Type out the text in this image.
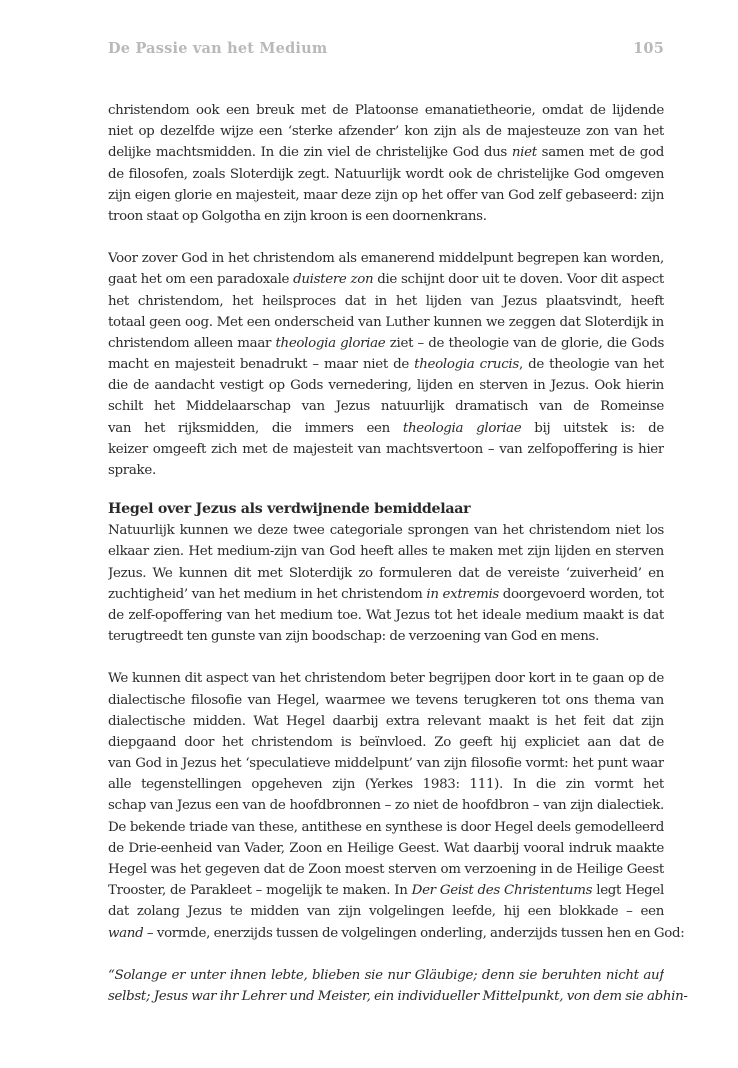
De Passie van het Medium	105
christendom ook een breuk met de Platoonse emanatietheorie, omdat de lijdende
niet op dezelfde wijze een ‘sterke afzender’ kon zijn als de majesteuze zon van het
delijke machtsmidden. In die zin viel de christelijke God dus niet samen met de god
de filosofen, zoals Sloterdijk zegt. Natuurlijk wordt ook de christelijke God omgeven
zijn eigen glorie en majesteit, maar deze zijn op het offer van God zelf gebaseerd: zijn
troon staat op Golgotha en zijn kroon is een doornenkrans.
Voor zover God in het christendom als emanerend middelpunt begrepen kan worden,
gaat het om een paradoxale duistere zon die schijnt door uit te doven. Voor dit aspect
het christendom, het heilsproces dat in het lijden van Jezus plaatsvindt, heeft
totaal geen oog. Met een onderscheid van Luther kunnen we zeggen dat Sloterdijk in
christendom alleen maar theologia gloriae ziet – de theologie van de glorie, die Gods
macht en majesteit benadrukt – maar niet de theologia crucis, de theologie van het
die de aandacht vestigt op Gods vernedering, lijden en sterven in Jezus. Ook hierin
schilt het Middelaarschap van Jezus natuurlijk dramatisch van de Romeinse
van het rijksmidden, die immers een theologia gloriae bij uitstek is: de
keizer omgeeft zich met de majesteit van machtsvertoon – van zelfopoffering is hier
sprake.
Hegel over Jezus als verdwijnende bemiddelaar
Natuurlijk kunnen we deze twee categoriale sprongen van het christendom niet los
elkaar zien. Het medium-zijn van God heeft alles te maken met zijn lijden en sterven
Jezus. We kunnen dit met Sloterdijk zo formuleren dat de vereiste ‘zuiverheid’ en
zuchtigheid’ van het medium in het christendom in extremis doorgevoerd worden, tot
de zelf-opoffering van het medium toe. Wat Jezus tot het ideale medium maakt is dat
terugtreedt ten gunste van zijn boodschap: de verzoening van God en mens.
We kunnen dit aspect van het christendom beter begrijpen door kort in te gaan op de
dialectische filosofie van Hegel, waarmee we tevens terugkeren tot ons thema van
dialectische midden. Wat Hegel daarbij extra relevant maakt is het feit dat zijn
diepgaand door het christendom is beïnvloed. Zo geeft hij expliciet aan dat de
van God in Jezus het ‘speculatieve middelpunt’ van zijn filosofie vormt: het punt waar
alle tegenstellingen opgeheven zijn (Yerkes 1983: 111). In die zin vormt het
schap van Jezus een van de hoofdbronnen – zo niet de hoofdbron – van zijn dialectiek.
De bekende triade van these, antithese en synthese is door Hegel deels gemodelleerd
de Drie-eenheid van Vader, Zoon en Heilige Geest. Wat daarbij vooral indruk maakte
Hegel was het gegeven dat de Zoon moest sterven om verzoening in de Heilige Geest
Trooster, de Parakleet – mogelijk te maken. In Der Geist des Christentums legt Hegel
dat zolang Jezus te midden van zijn volgelingen leefde, hij een blokkade – een
wand – vormde, enerzijds tussen de volgelingen onderling, anderzijds tussen hen en God:
“Solange er unter ihnen lebte, blieben sie nur Gläubige; denn sie beruhten nicht auf
selbst; Jesus war ihr Lehrer und Meister, ein individueller Mittelpunkt, von dem sie abhin-
